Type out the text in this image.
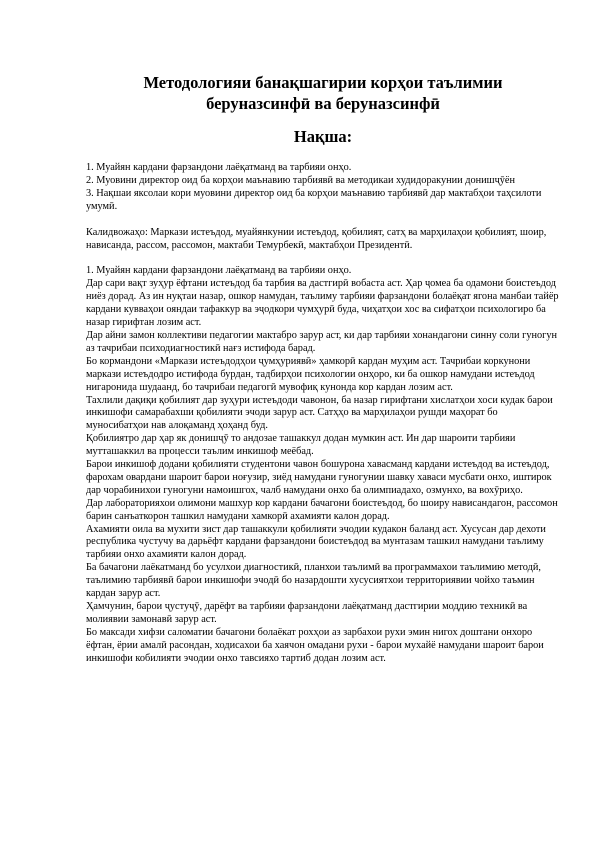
Методологияи банақшагирии корҳои таълимии
беруназсинфӣ ва беруназсинфӣ
Нақша:

1. Муайян кардани фарзандони лаёқатманд ва тарбияи онҳо.

2. Муовини директор оид ба корҳои маънавию тарбиявӣ ва методикаи худидоракунии донишҷӯён

3. Нақшаи яксолаи кори муовини директор оид ба корҳои маънавию тарбиявӣ дар мактабҳои таҳсилоти умумӣ.

Калидвожаҳо: Маркази истеъдод, муайянкунии истеъдод, қобилият, сатҳ ва марҳилаҳои қобилият, шоир, нависанда, рассом, рассомон, мактаби Темурбекӣ, мактабҳои Президентӣ.

1. Муайян кардани фарзандони лаёқатманд ва тарбияи онҳо.

Дар сари вақт зуҳур ёфтани истеъдод ба тарбия ва дастгирӣ вобаста аст. Ҳар ҷомеа ба одамони боистеъдод ниёз дорад. Аз ин нуқтаи назар, ошкор намудан, таълиму тарбияи фарзандони болаёқат ягона манбаи тайёр кардани кувваҳои ояндаи тафаккур ва эҷодкори чумҳурӣ буда, чиҳатҳои хос ва сифатҳои психологиро ба назар гирифтан лозим аст.

Дар айни замон коллективи педагогии мактабро зарур аст, ки дар тарбияи хонандагони синну соли гуногун аз тачрибаи психодиагностикӣ нағз истифода барад.

Бо кормандони «Маркази истеъдодҳои ҷумҳуриявӣ» ҳамкорӣ кардан муҳим аст. Тачрибаи коркунони маркази истеъдодро истифода бурдан, тадбирҳои психологии онҳоро, ки ба ошкор намудани истеъдод нигаронида шудаанд, бо тачрибаи педагогӣ мувофиқ кунонда кор кардан лозим аст.

Тахлили дақиқи қобилият дар зуҳури истеъдоди чавонон, ба назар гирифтани хислатҳои хоси кудак барои инкишофи самарабахши қобилияти эчоди зарур аст. Сатҳҳо ва марҳилаҳои рушди маҳорат бо муносибатҳои нав алоқаманд ҳоҳанд буд.

Қобилиятро дар ҳар як донишҷӯ то андозае ташаккул додан мумкин аст. Ин дар шароити тарбияи мутташаккил ва процесси таълим инкишоф меёбад.

Барои инкишоф додани қобилияти студентони чавон бошурона хавасманд кардани истеъдод ва истеъдод, фарохам овардани шароит барои ноғузир, зиёд намудани гуногунии шавку хаваси мусбати онхо, иштирок дар чорабинихои гуногуни намоишгох, чалб намудани онхо ба олимпиадахо, озмунхо, ва вохӯриҳо.

Дар лабораторияхои олимони машхур кор кардани бачагони боистеъдод, бо шоиру нависандагон, рассомон барин санъаткорон ташкил намудани хамкорӣ ахамияти калон дорад.

Ахамияти оила ва мухити зист дар ташаккули қобилияти эчодии кудакон баланд аст. Хусусан дар дехоти республика чустучу ва дарьёфт кардани фарзандони боистеъдод ва мунтазам ташкил намудани таълиму тарбияи онхо ахамияти калон дорад.

Ба бачагони лаёкатманд бо усулхои диагностикӣ, планхои таълимӣ ва программахои таълимию методӣ, таълимию тарбиявӣ барои инкишофи эчодӣ бо назардошти хусусиятхои территориявии чойхо таъмин кардан зарур аст.

Ҳамчунин, барои ҷустуҷӯ, дарёфт ва тарбияи фарзандони лаёқатманд дастгирии моддию техникӣ ва молиявии замонавӣ зарур аст.

Бо максади хифзи саломатии бачагони болаёкат рохҳои аз зарбахои рухи эмин нигох доштани онхоро ёфтан, ёрии амалӣ расондан, ходисахои ба хаячон омадани рухи - барои мухайё намудани шароит барои инкишофи кобилияти эчодии онхо тавсияхо тартиб додан лозим аст.
